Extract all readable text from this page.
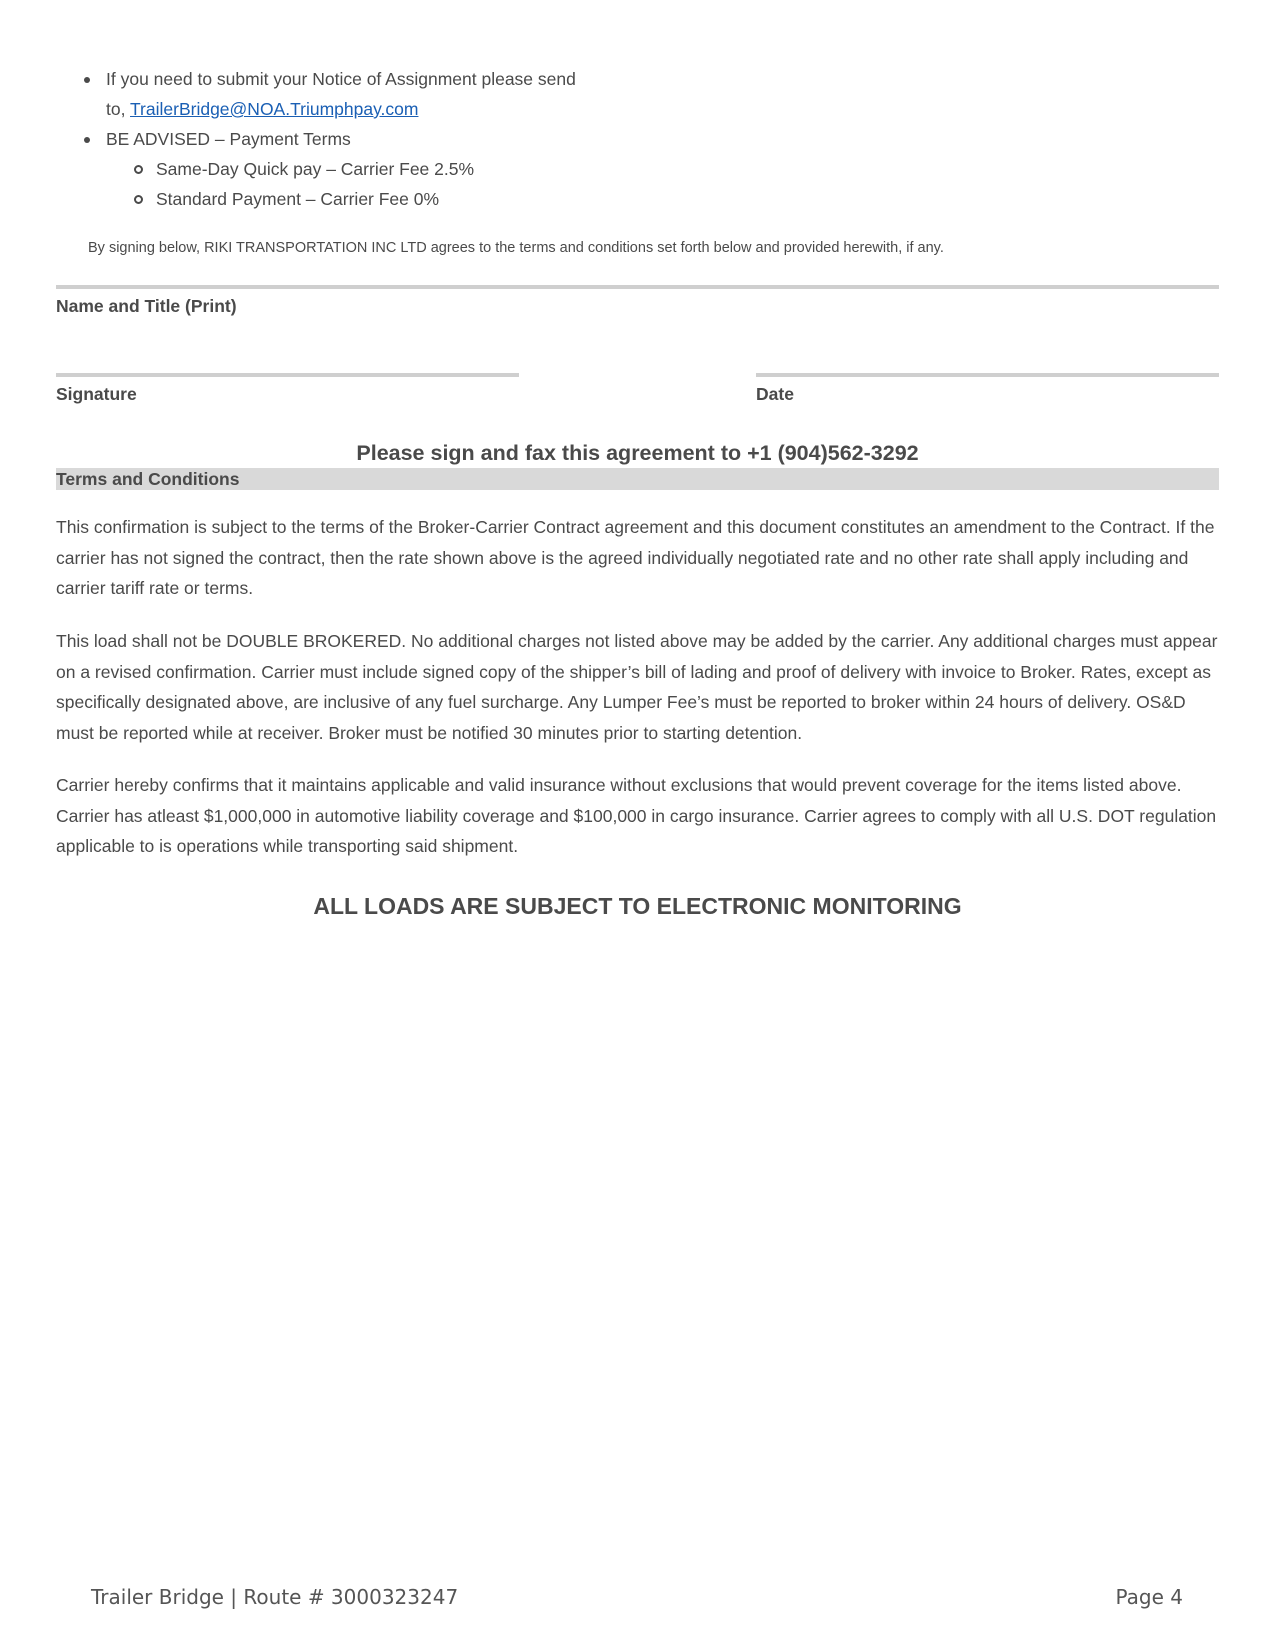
If you need to submit your Notice of Assignment please send
to, TrailerBridge@NOA.Triumphpay.com
BE ADVISED – Payment Terms
Same-Day Quick pay – Carrier Fee 2.5%
Standard Payment – Carrier Fee 0%
By signing below, RIKI TRANSPORTATION INC LTD agrees to the terms and conditions set forth below and provided herewith, if any.
Name and Title (Print)
Signature	Date
Please sign and fax this agreement to +1 (904)562-3292
Terms and Conditions

This confirmation is subject to the terms of the Broker-Carrier Contract agreement and this document constitutes an amendment to the Contract. If the carrier has not signed the contract, then the rate shown above is the agreed individually negotiated rate and no other rate shall apply including and carrier tariff rate or terms.

This load shall not be DOUBLE BROKERED. No additional charges not listed above may be added by the carrier. Any additional charges must appear on a revised confirmation. Carrier must include signed copy of the shipper’s bill of lading and proof of delivery with invoice to Broker. Rates, except as specifically designated above, are inclusive of any fuel surcharge. Any Lumper Fee’s must be reported to broker within 24 hours of delivery. OS&D must be reported while at receiver. Broker must be notified 30 minutes prior to starting detention.

Carrier hereby confirms that it maintains applicable and valid insurance without exclusions that would prevent coverage for the items listed above. Carrier has atleast $1,000,000 in automotive liability coverage and $100,000 in cargo insurance. Carrier agrees to comply with all U.S. DOT regulation applicable to is operations while transporting said shipment.

ALL LOADS ARE SUBJECT TO ELECTRONIC MONITORING
Trailer Bridge | Route # 3000323247	Page 4
